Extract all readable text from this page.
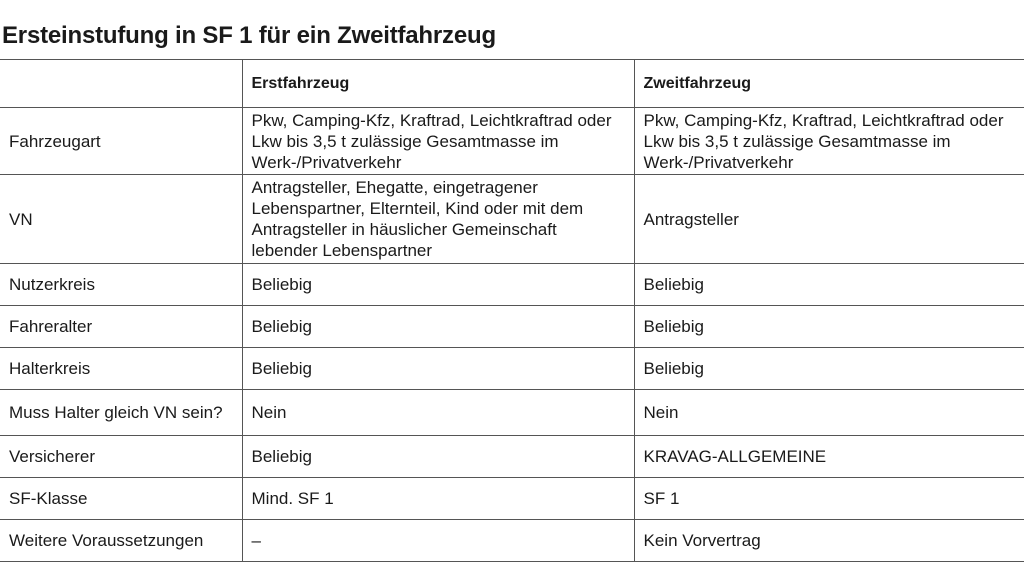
Ersteinstufung in SF 1 für ein Zweitfahrzeug
	Erstfahrzeug	Zweitfahrzeug
Fahrzeugart	Pkw, Camping-Kfz, Kraftrad, Leichtkraftrad oder Lkw bis 3,5 t zulässige Gesamtmasse im Werk-/Privatverkehr	Pkw, Camping-Kfz, Kraftrad, Leichtkraftrad oder Lkw bis 3,5 t zulässige Gesamtmasse im Werk-/Privatverkehr
VN	Antragsteller, Ehegatte, eingetragener Lebenspartner, Elternteil, Kind oder mit dem Antragsteller in häuslicher Gemeinschaft lebender Lebenspartner	Antragsteller
Nutzerkreis	Beliebig	Beliebig
Fahreralter	Beliebig	Beliebig
Halterkreis	Beliebig	Beliebig
Muss Halter gleich VN sein?	Nein	Nein
Versicherer	Beliebig	KRAVAG-ALLGEMEINE
SF-Klasse	Mind. SF 1	SF 1
Weitere Voraussetzungen	–	Kein Vorvertrag
